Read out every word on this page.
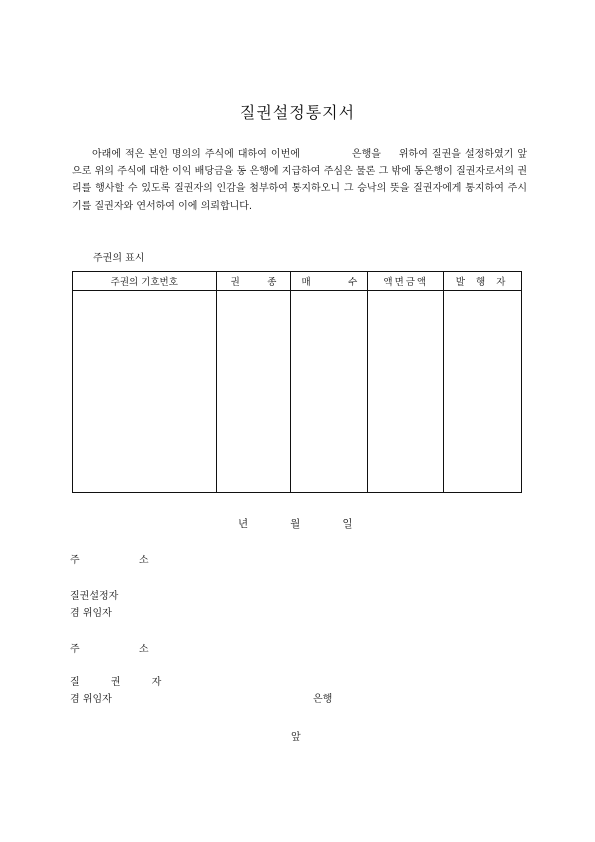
질권설정통지서

아래에 적은 본인 명의의 주식에 대하여 이번에	은행을 위하여 질권을 설정하였기 앞으로 위의 주식에 대한 이익 배당금을 동 은행에 지급하여 주심은 물론 그 밖에 동은행이 질권자로서의 권리를 행사할 수 있도록 질권자의 인감을 첨부하여 통지하오니 그 승낙의 뜻을 질권자에게 통지하여 주시기를 질권자와 연서하여 이에 의뢰합니다.

주권의 표시
주권의 기호번호	권 종	매 수	액면금액	발 행 자

년	월	일
주 소
질권설정자
겸 위임자
주 소
질 권 자
겸 위임자	은행
앞
